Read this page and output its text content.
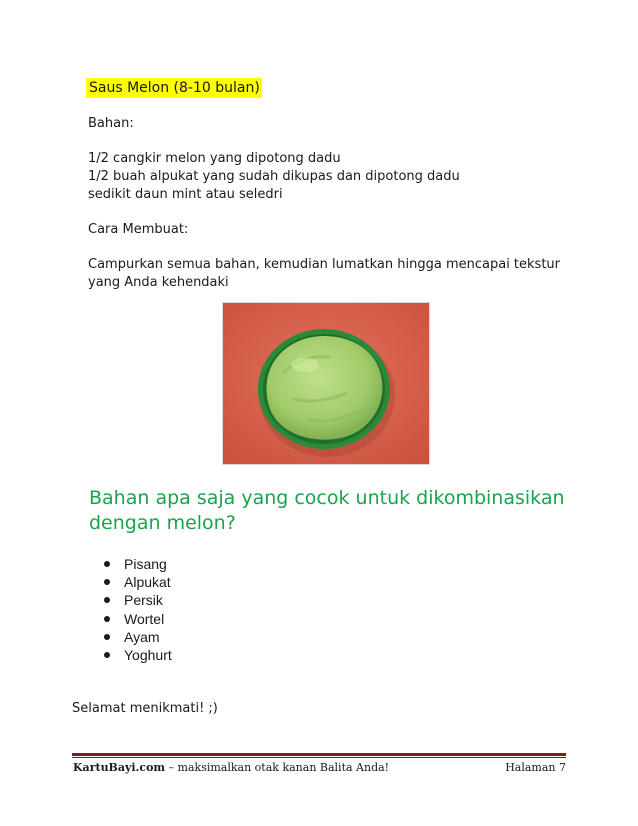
Saus Melon (8-10 bulan)
Bahan:
1/2 cangkir melon yang dipotong dadu
1/2 buah alpukat yang sudah dikupas dan dipotong dadu
sedikit daun mint atau seledri
Cara Membuat:
Campurkan semua bahan, kemudian lumatkan hingga mencapai tekstur
yang Anda kehendaki
Bahan apa saja yang cocok untuk dikombinasikan
dengan melon?
Pisang
Alpukat
Persik
Wortel
Ayam
Yoghurt
Selamat menikmati! ;)
KartuBayi.com – maksimalkan otak kanan Balita Anda!	Halaman 7
